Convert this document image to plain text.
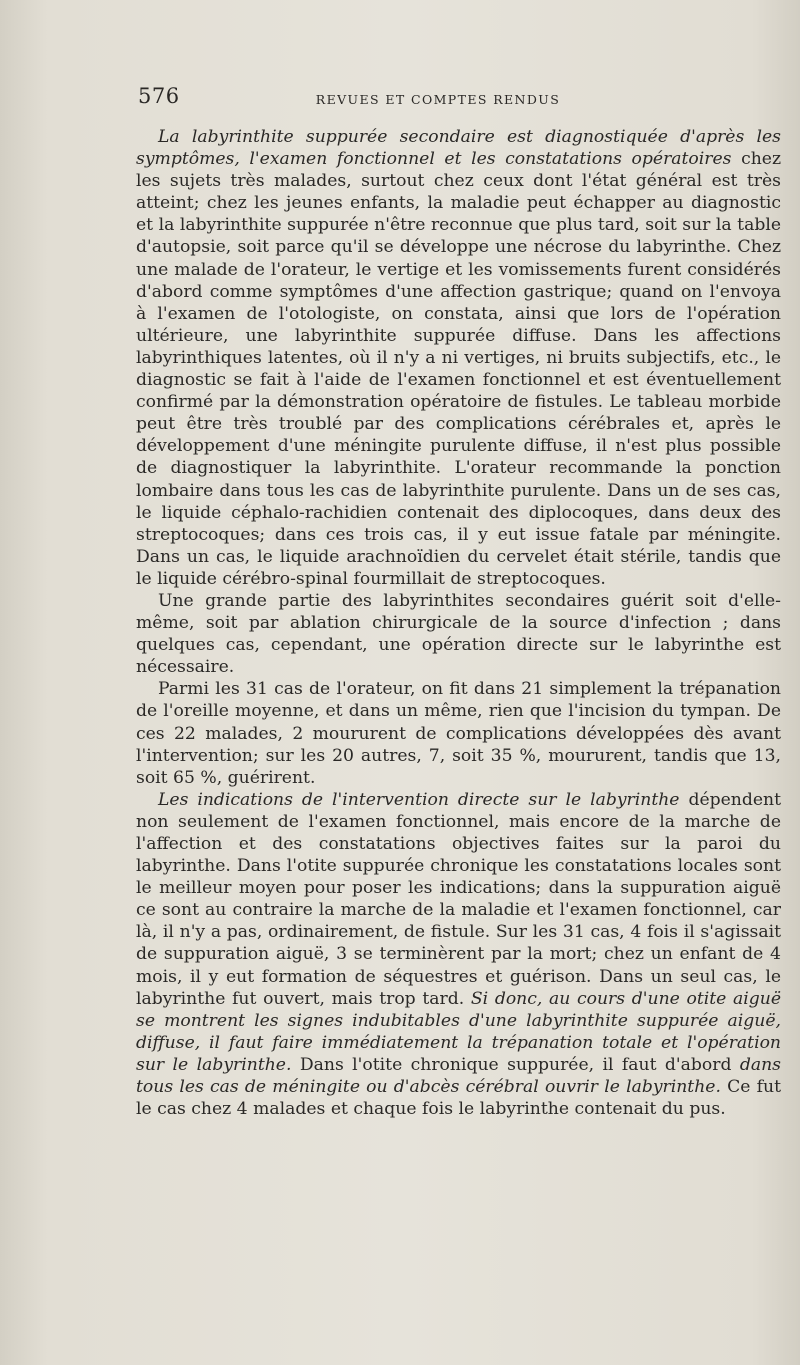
576	REVUES ET COMPTES RENDUS

La labyrinthite suppurée secondaire est diagnostiquée d'après les symptômes, l'examen fonctionnel et les constatations opératoires chez les sujets très malades, surtout chez ceux dont l'état général est très atteint; chez les jeunes enfants, la maladie peut échapper au diagnostic et la labyrinthite suppurée n'être reconnue que plus tard, soit sur la table d'autopsie, soit parce qu'il se développe une nécrose du labyrinthe. Chez une malade de l'orateur, le vertige et les vomissements furent considérés d'abord comme symptômes d'une affection gastrique; quand on l'envoya à l'examen de l'otologiste, on constata, ainsi que lors de l'opération ultérieure, une labyrinthite suppurée diffuse. Dans les affections labyrinthiques latentes, où il n'y a ni vertiges, ni bruits subjectifs, etc., le diagnostic se fait à l'aide de l'examen fonctionnel et est éventuellement confirmé par la démonstration opératoire de fistules. Le tableau morbide peut être très troublé par des complications cérébrales et, après le développement d'une méningite purulente diffuse, il n'est plus possible de diagnostiquer la labyrinthite. L'orateur recommande la ponction lombaire dans tous les cas de labyrinthite purulente. Dans un de ses cas, le liquide céphalo-rachidien contenait des diplocoques, dans deux des streptocoques; dans ces trois cas, il y eut issue fatale par méningite. Dans un cas, le liquide arachnoïdien du cervelet était stérile, tandis que le liquide cérébro-spinal fourmillait de streptocoques.

Une grande partie des labyrinthites secondaires guérit soit d'elle-même, soit par ablation chirurgicale de la source d'infection ; dans quelques cas, cependant, une opération directe sur le labyrinthe est nécessaire.

Parmi les 31 cas de l'orateur, on fit dans 21 simplement la trépanation de l'oreille moyenne, et dans un même, rien que l'incision du tympan. De ces 22 malades, 2 moururent de complications développées dès avant l'intervention; sur les 20 autres, 7, soit 35 %, moururent, tandis que 13, soit 65 %, guérirent.

Les indications de l'intervention directe sur le labyrinthe dépendent non seulement de l'examen fonctionnel, mais encore de la marche de l'affection et des constatations objectives faites sur la paroi du labyrinthe. Dans l'otite suppurée chronique les constatations locales sont le meilleur moyen pour poser les indications; dans la suppuration aiguë ce sont au contraire la marche de la maladie et l'examen fonctionnel, car là, il n'y a pas, ordinairement, de fistule. Sur les 31 cas, 4 fois il s'agissait de suppuration aiguë, 3 se terminèrent par la mort; chez un enfant de 4 mois, il y eut formation de séquestres et guérison. Dans un seul cas, le labyrinthe fut ouvert, mais trop tard. Si donc, au cours d'une otite aiguë se montrent les signes indubitables d'une labyrinthite suppurée aiguë, diffuse, il faut faire immédiatement la trépanation totale et l'opération sur le labyrinthe. Dans l'otite chronique suppurée, il faut d'abord dans tous les cas de méningite ou d'abcès cérébral ouvrir le labyrinthe. Ce fut le cas chez 4 malades et chaque fois le labyrinthe contenait du pus.
